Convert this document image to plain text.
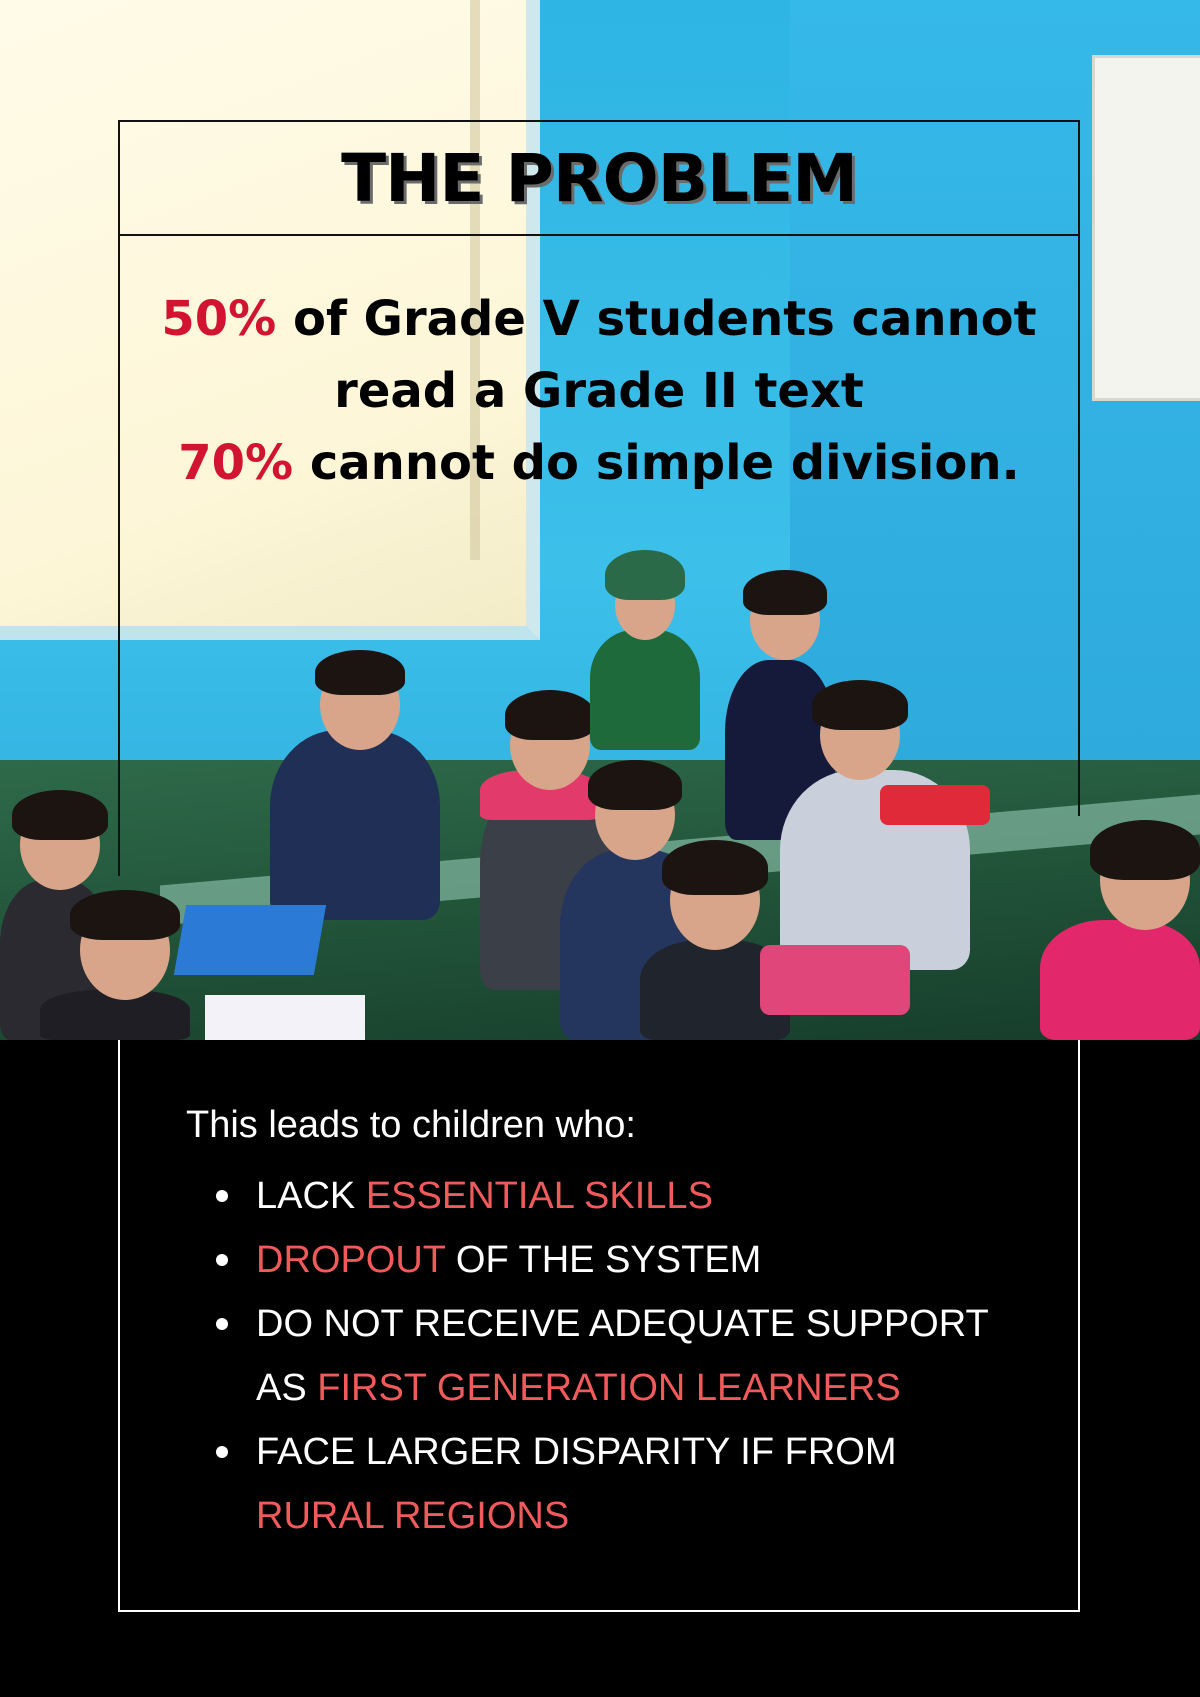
THE PROBLEM
50% of Grade V students cannot
read a Grade II text
70% cannot do simple division.
This leads to children who:
LACK ESSENTIAL SKILLS
DROPOUT OF THE SYSTEM
DO NOT RECEIVE ADEQUATE SUPPORT
AS FIRST GENERATION LEARNERS
FACE LARGER DISPARITY IF FROM
RURAL REGIONS
